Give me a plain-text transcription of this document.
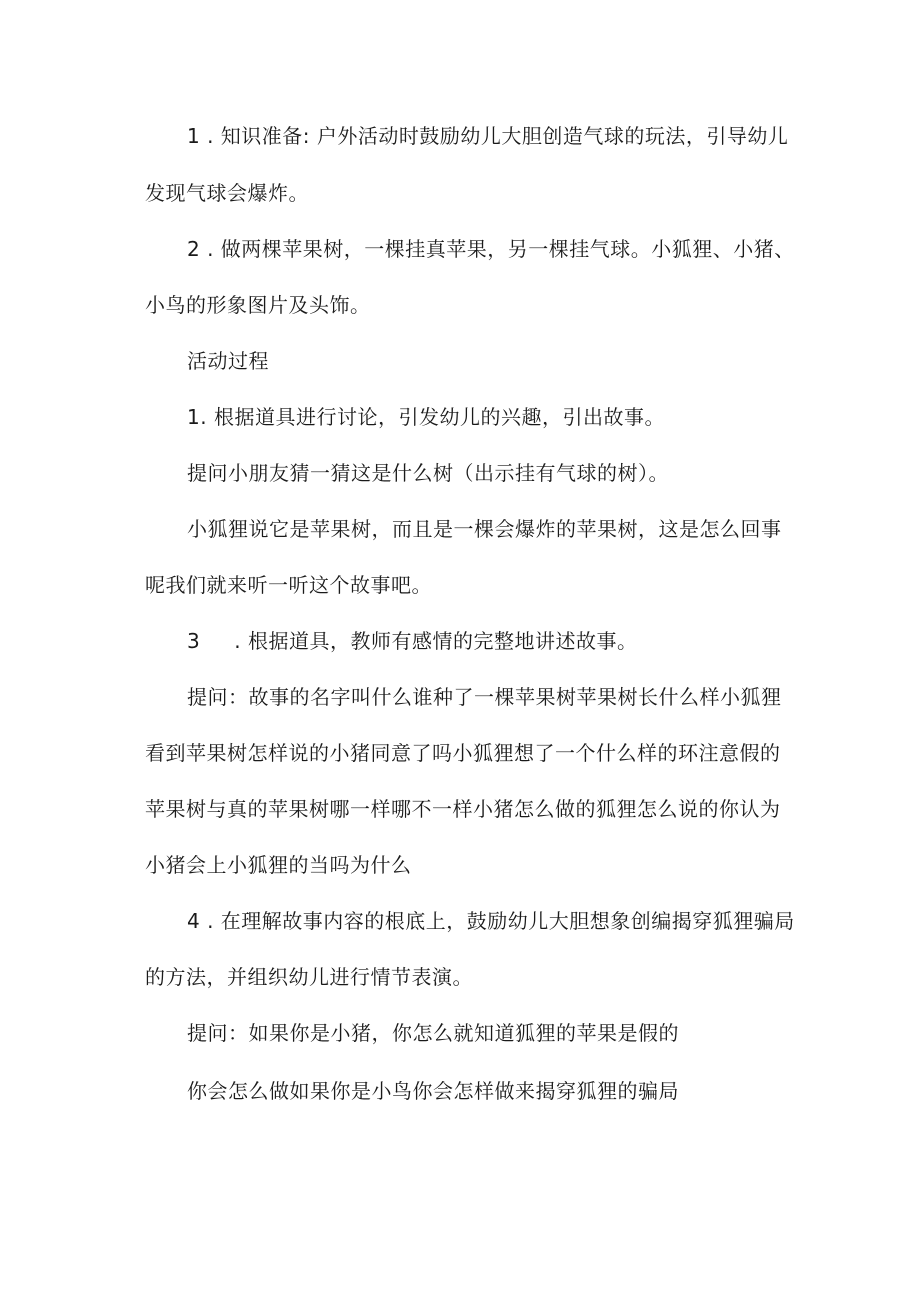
1 . 知识准备: 户外活动时鼓励幼儿大胆创造气球的玩法，引导幼儿
发现气球会爆炸。
2 . 做两棵苹果树，一棵挂真苹果，另一棵挂气球。小狐狸、小猪、
小鸟的形象图片及头饰。
活动过程
1. 根据道具进行讨论，引发幼儿的兴趣，引出故事。
提问小朋友猜一猜这是什么树（出示挂有气球的树）。
小狐狸说它是苹果树，而且是一棵会爆炸的苹果树，这是怎么回事
呢我们就来听一听这个故事吧。
3 . 根据道具，教师有感情的完整地讲述故事。
提问：故事的名字叫什么谁种了一棵苹果树苹果树长什么样小狐狸
看到苹果树怎样说的小猪同意了吗小狐狸想了一个什么样的环注意假的
苹果树与真的苹果树哪一样哪不一样小猪怎么做的狐狸怎么说的你认为
小猪会上小狐狸的当吗为什么
4 . 在理解故事内容的根底上，鼓励幼儿大胆想象创编揭穿狐狸骗局
的方法，并组织幼儿进行情节表演。
提问：如果你是小猪，你怎么就知道狐狸的苹果是假的
你会怎么做如果你是小鸟你会怎样做来揭穿狐狸的骗局
